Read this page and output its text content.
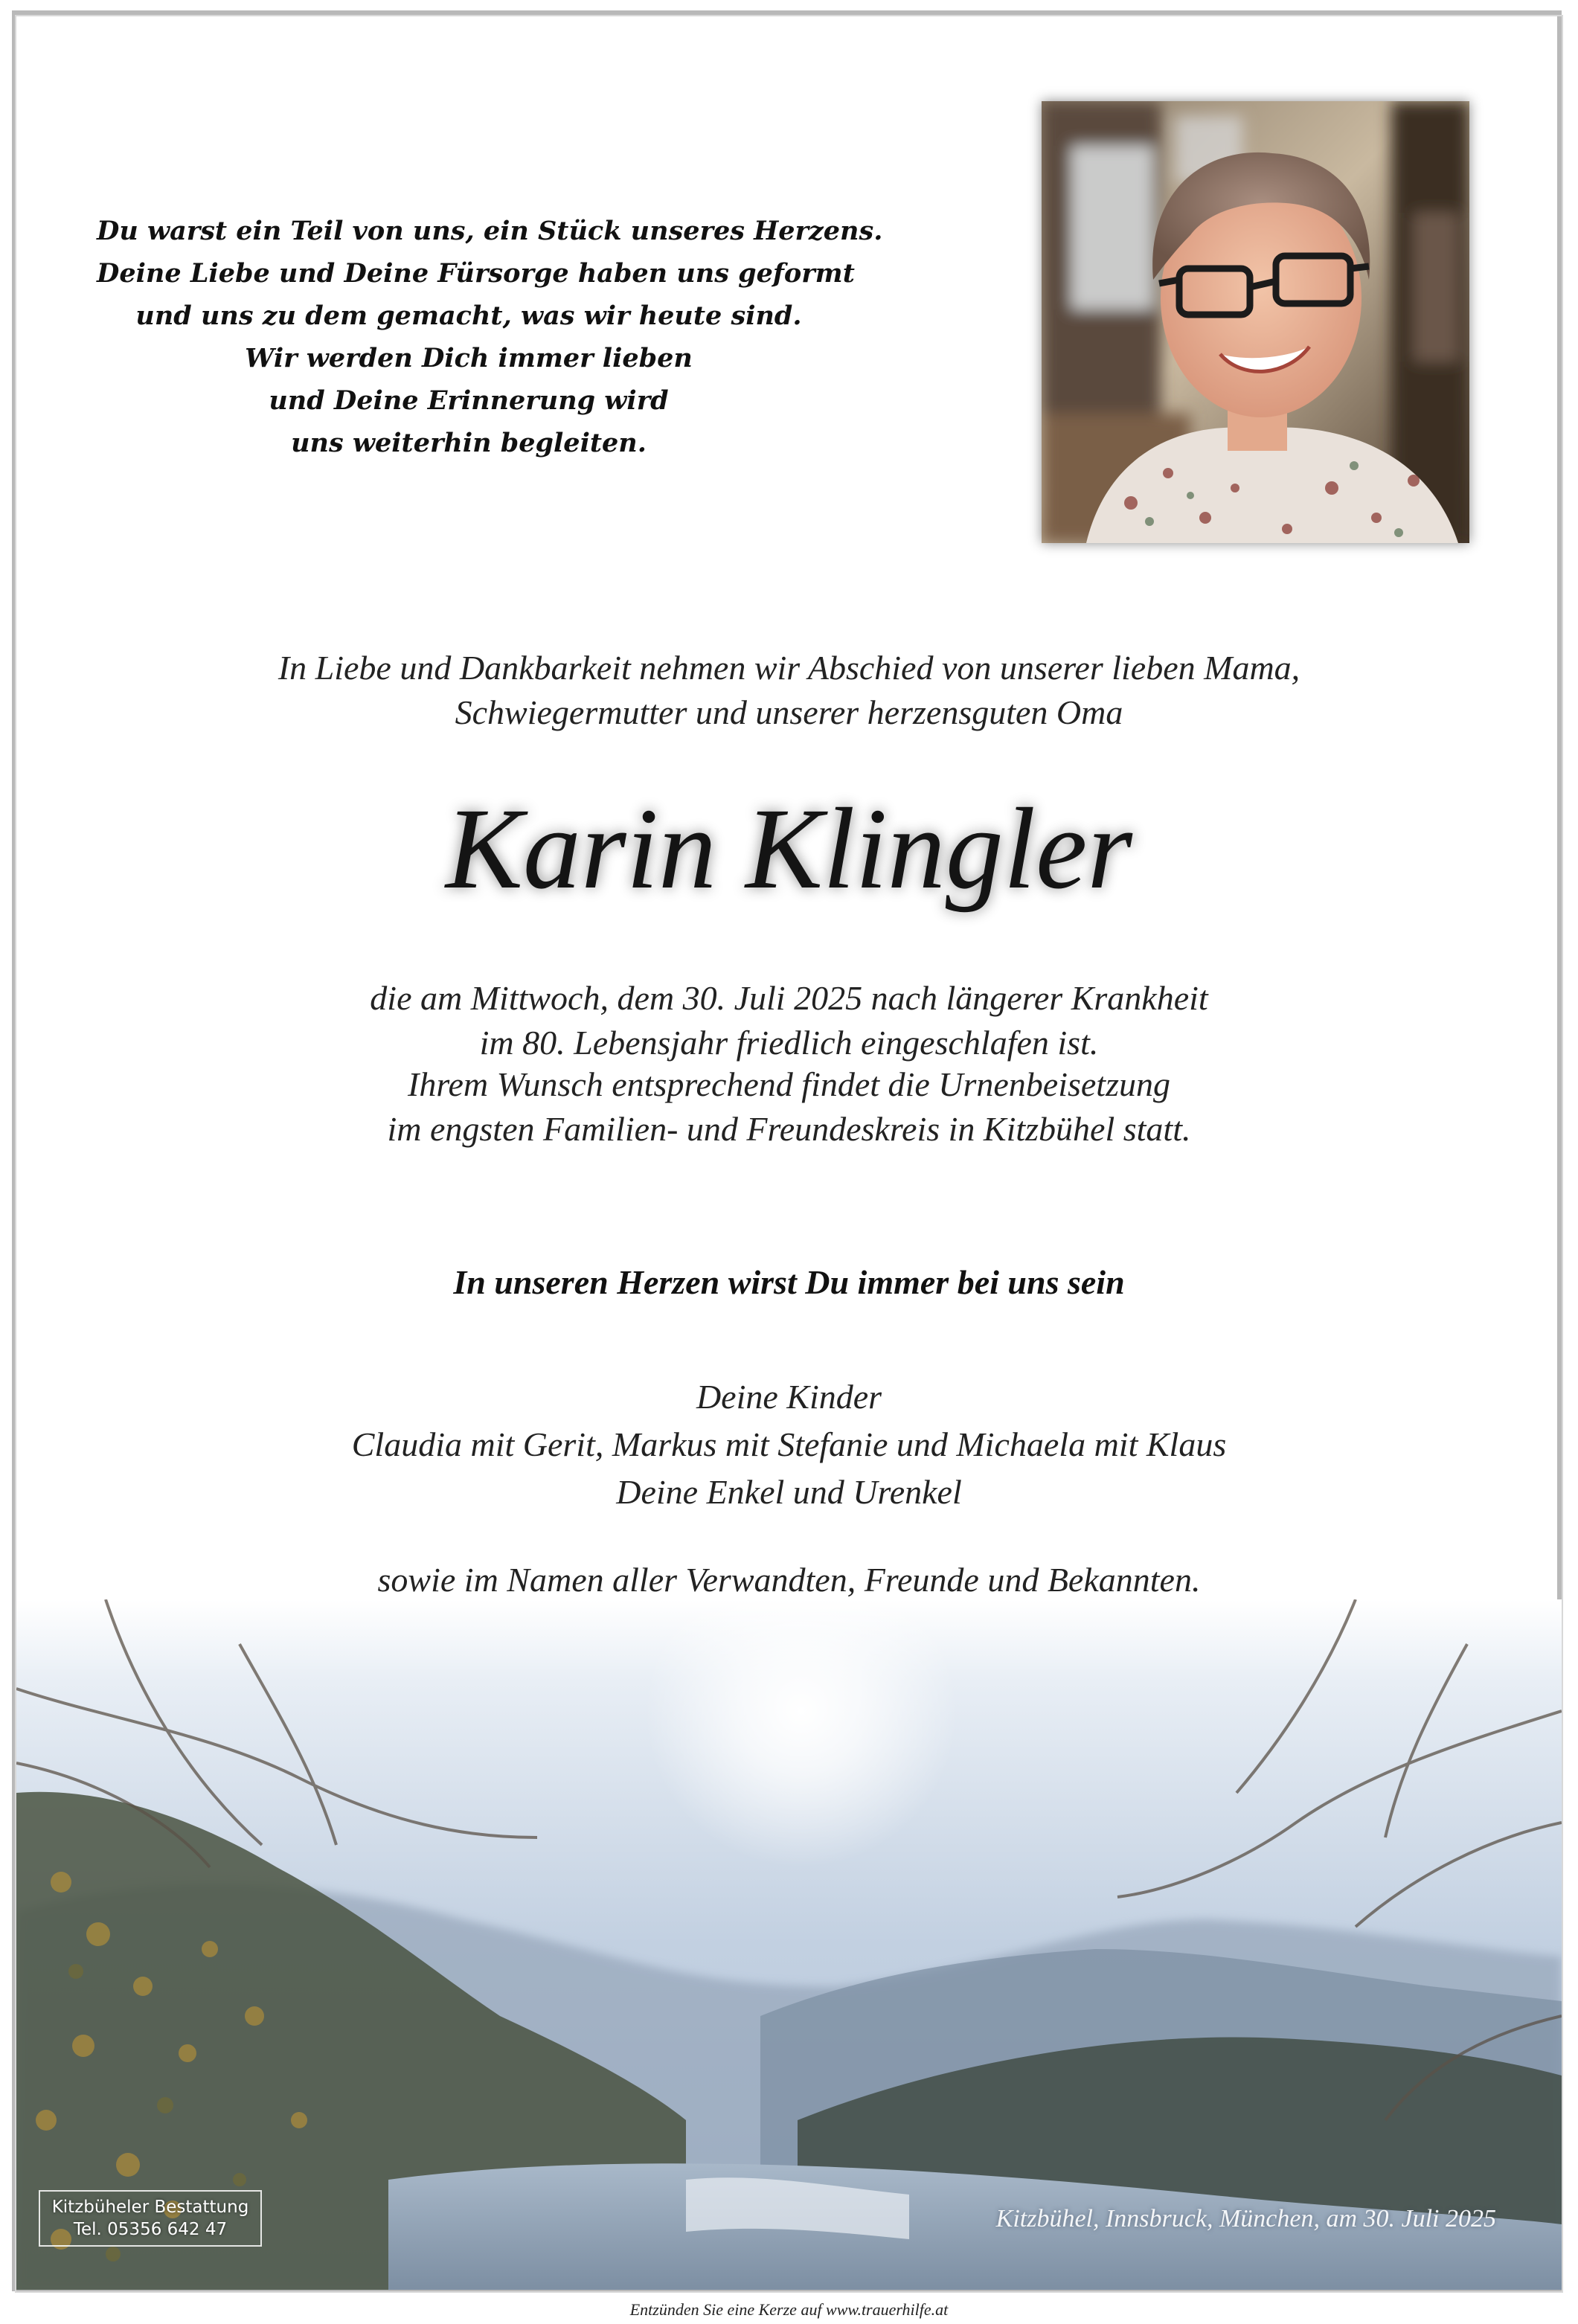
Du warst ein Teil von uns, ein Stück unseres Herzens.
Deine Liebe und Deine Fürsorge haben uns geformt
und uns zu dem gemacht, was wir heute sind.
Wir werden Dich immer lieben
und Deine Erinnerung wird
uns weiterhin begleiten.
In Liebe und Dankbarkeit nehmen wir Abschied von unserer lieben Mama,
Schwiegermutter und unserer herzensguten Oma
Karin Klingler
die am Mittwoch, dem 30. Juli 2025 nach längerer Krankheit
im 80. Lebensjahr friedlich eingeschlafen ist.
Ihrem Wunsch entsprechend findet die Urnenbeisetzung
im engsten Familien- und Freundeskreis in Kitzbühel statt.
In unseren Herzen wirst Du immer bei uns sein
Deine Kinder
Claudia mit Gerit, Markus mit Stefanie und Michaela mit Klaus
Deine Enkel und Urenkel
sowie im Namen aller Verwandten, Freunde und Bekannten.
Kitzbüheler Bestattung
Tel. 05356 642 47	Kitzbühel, Innsbruck, München, am 30. Juli 2025
Entzünden Sie eine Kerze auf www.trauerhilfe.at
